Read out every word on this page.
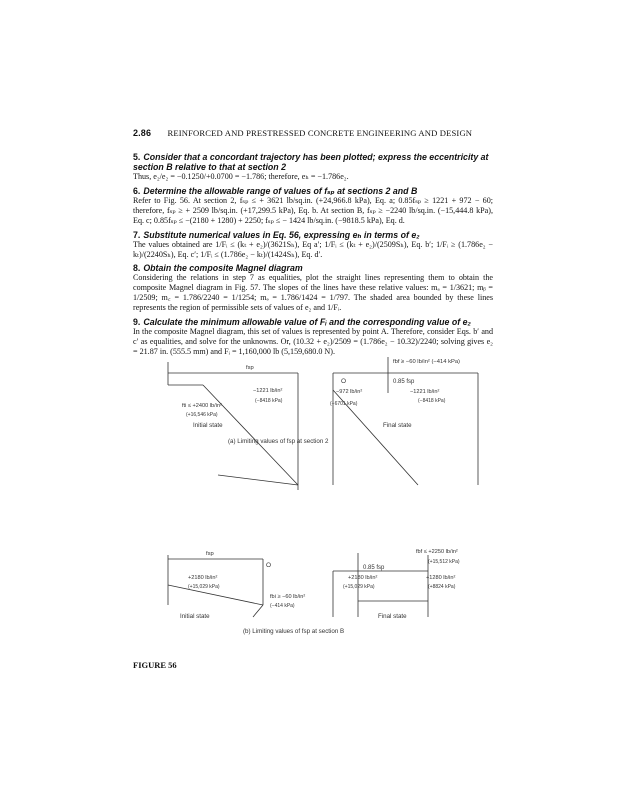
2.86 REINFORCED AND PRESTRESSED CONCRETE ENGINEERING AND DESIGN
5. Consider that a concordant trajectory has been plotted; express the eccentricity at section B relative to that at section 2

Thus, e₂/e₂ = −0.1250/+0.0700 = −1.786; therefore, eₕ = −1.786e₂.

6. Determine the allowable range of values of fₛₚ at sections 2 and B

Refer to Fig. 56. At section 2, fₛₚ ≤ + 3621 lb/sq.in. (+24,966.8 kPa), Eq. a; 0.85fₛₚ ≥ 1221 + 972 − 60; therefore, fₛₚ ≥ + 2509 lb/sq.in. (+17,299.5 kPa), Eq. b. At section B, fₛₚ ≥ −2240 lb/sq.in. (−15,444.8 kPa), Eq. c; 0.85fₛₚ ≤ −(2180 + 1280) + 2250; fₛₚ ≤ − 1424 lb/sq.in. (−9818.5 kPa), Eq. d.

7. Substitute numerical values in Eq. 56, expressing eₕ in terms of e₂

The values obtained are 1/Fᵢ ≤ (kₜ + e₂)/(3621Sₕ), Eq a′; 1/Fᵢ ≤ (kₜ + e₂)/(2509Sₕ), Eq. b′; 1/Fᵢ ≥ (1.786e₂ − kₜ)/(2240Sₕ), Eq. c′; 1/Fᵢ ≤ (1.786e₂ − kₜ)/(1424Sₕ), Eq. d′.

8. Obtain the composite Magnel diagram

Considering the relations in step 7 as equalities, plot the straight lines representing them to obtain the composite Magnel diagram in Fig. 57. The slopes of the lines have these relative values: mₐ = 1/3621; mᵦ = 1/2509; m꜀ = 1.786/2240 = 1/1254; mₔ = 1.786/1424 = 1/797. The shaded area bounded by these lines represents the region of permissible sets of values of e₂ and 1/Fᵢ.

9. Calculate the minimum allowable value of Fᵢ and the corresponding value of e₂

In the composite Magnel diagram, this set of values is represented by point A. Therefore, consider Eqs. b′ and c′ as equalities, and solve for the unknowns. Or, (10.32 + e₂)/2509 = (1.786e₂ − 10.32)/2240; solving gives e₂ = 21.87 in. (555.5 mm) and Fᵢ = 1,160,000 lb (5,159,680.0 N).

fbf ≥ −60 lb/in² (−414 kPa)
fsp
O	0.85 fsp
−1221 lb/in²
(−8418 kPa)
fti ≤ +2400 lb/in²
(+16,546 kPa)
−972 lb/in²	−1221 lb/in²
(−6701 kPa)	(−8418 kPa)
Initial state	Final state
(a) Limiting values of fsp at section 2
fsp
O	0.85 fsp
fbf ≤ +2250 lb/in²
(+15,512 kPa)
+2180 lb/in²
(+15,029 kPa)
+2180 lb/in²
(+15,029 kPa)
+1280 lb/in²
(+8824 kPa)
fbi ≥ −60 lb/in²
(−414 kPa)
Initial state	Final state
(b) Limiting values of fsp at section B
FIGURE 56
